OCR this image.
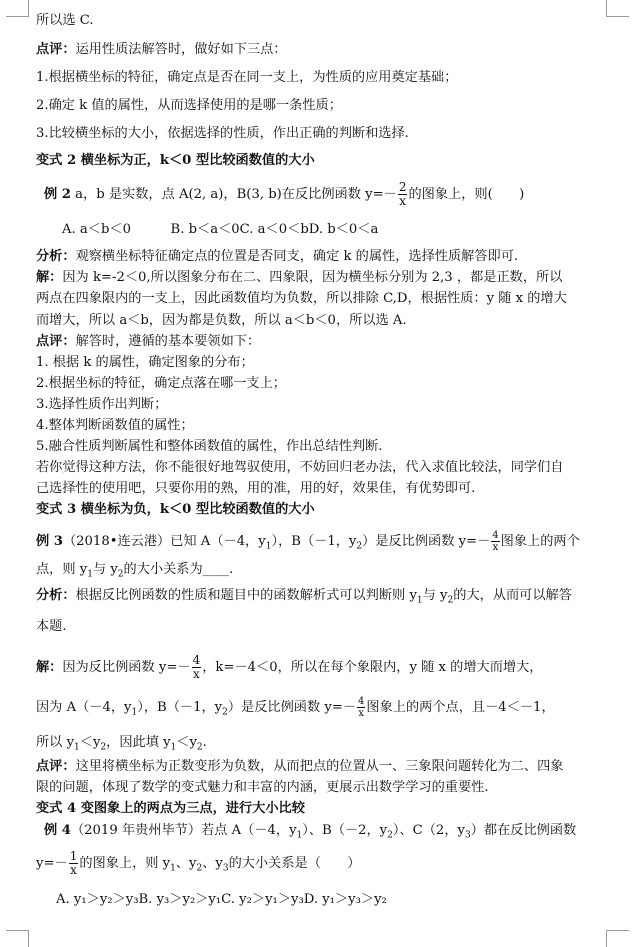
所以选 C.
点评：运用性质法解答时，做好如下三点：
1.根据横坐标的特征，确定点是否在同一支上，为性质的应用奠定基础；
2.确定 k 值的属性，从而选择使用的是哪一条性质；
3.比较横坐标的大小，依据选择的性质，作出正确的判断和选择.
变式 2 横坐标为正，k＜0 型比较函数值的大小
例 2 a，b 是实数，点 A(2, a)，B(3, b)在反比例函数 $y=- \frac{2}{x}$ 的图象上，则(　　)
A. a＜b＜0　　　B. b＜a＜0C. a＜0＜bD. b＜0＜a
分析：观察横坐标特征确定点的位置是否同支，确定 k 的属性，选择性质解答即可.
解：因为 k=-2＜0,所以图象分布在二、四象限，因为横坐标分别为 2,3 ，都是正数，所以
两点在四象限内的一支上，因此函数值均为负数，所以排除 C,D，根据性质：y 随 x 的增大
而增大，所以 a＜b，因为都是负数，所以 a＜b＜0，所以选 A.
点评：解答时，遵循的基本要领如下：
1. 根据 k 的属性，确定图象的分布；
2.根据坐标的特征，确定点落在哪一支上；
3.选择性质作出判断；
4.整体判断函数值的属性；
5.融合性质判断属性和整体函数值的属性，作出总结性判断.
若你觉得这种方法，你不能很好地驾驭使用，不妨回归老办法，代入求值比较法，同学们自
己选择性的使用吧，只要你用的熟，用的准，用的好，效果佳，有优势即可.
变式 3 横坐标为负，k＜0 型比较函数值的大小
例 3（2018•连云港）已知 A（－4，$y_1$），B（－1，$y_2$）是反比例函数 $y=- \frac{4}{x}$ 图象上的两个
点，则 $y_1$与 $y_2$的大小关系为____.
分析：根据反比例函数的性质和题目中的函数解析式可以判断则 $y_1$与 $y_2$的大，从而可以解答
本题.
解：因为反比例函数 $y=- \frac{4}{x}$ ，k=－4＜0，所以在每个象限内，y 随 x 的增大而增大，
因为 A（－4，$y_1$），B（－1，$y_2$）是反比例函数 $y=- \frac{4}{x}$ 图象上的两个点，且－4＜－1，
所以 $y_1<y_2$，因此填 $y_1<y_2$.
点评：这里将横坐标为正数变形为负数，从而把点的位置从一、三象限问题转化为二、四象
限的问题，体现了数学的变式魅力和丰富的内涵，更展示出数学学习的重要性.
变式 4 变图象上的两点为三点，进行大小比较
例 4（2019 年贵州毕节）若点 A（－4，$y_1$）、B（－2，$y_2$）、C（2，$y_3$）都在反比例函数
$y=- \frac{1}{x}$ 的图象上，则 $y_1$、$y_2$、$y_3$的大小关系是（　　）
A. y₁＞y₂＞y₃B. y₃＞y₂＞y₁C. y₂＞y₁＞y₃D. y₁＞y₃＞y₂
